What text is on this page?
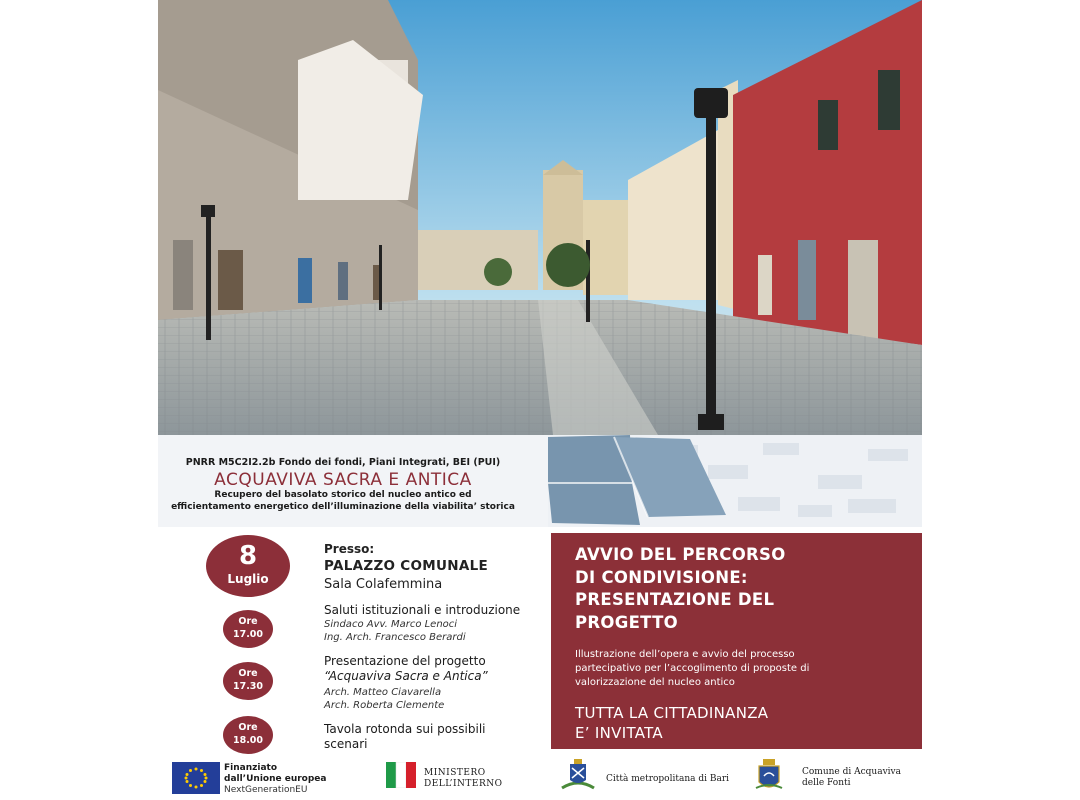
PNRR M5C2I2.2b Fondo dei fondi, Piani Integrati, BEI (PUI)
ACQUAVIVA SACRA E ANTICA
Recupero del basolato storico del nucleo antico ed
efficientamento energetico dell’illuminazione della viabilita’ storica
8
Luglio
Presso:
PALAZZO COMUNALE
Sala Colafemmina
Ore
17.00
Saluti istituzionali e introduzione
Sindaco Avv. Marco Lenoci
Ing. Arch. Francesco Berardi
Ore
17.30
Presentazione del progetto
“Acquaviva Sacra e Antica”
Arch. Matteo Ciavarella
Arch. Roberta Clemente
Ore
18.00
Tavola rotonda sui possibili
scenari
AVVIO DEL PERCORSO
DI CONDIVISIONE:
PRESENTAZIONE DEL
PROGETTO
Illustrazione dell’opera e avvio del processo
partecipativo per l’accoglimento di proposte di
valorizzazione del nucleo antico
TUTTA LA CITTADINANZA
E’ INVITATA
Finanziato
dall’Unione europea
NextGenerationEU
MINISTERO
DELL’INTERNO	Città metropolitana di Bari
Comune di Acquaviva
delle Fonti
